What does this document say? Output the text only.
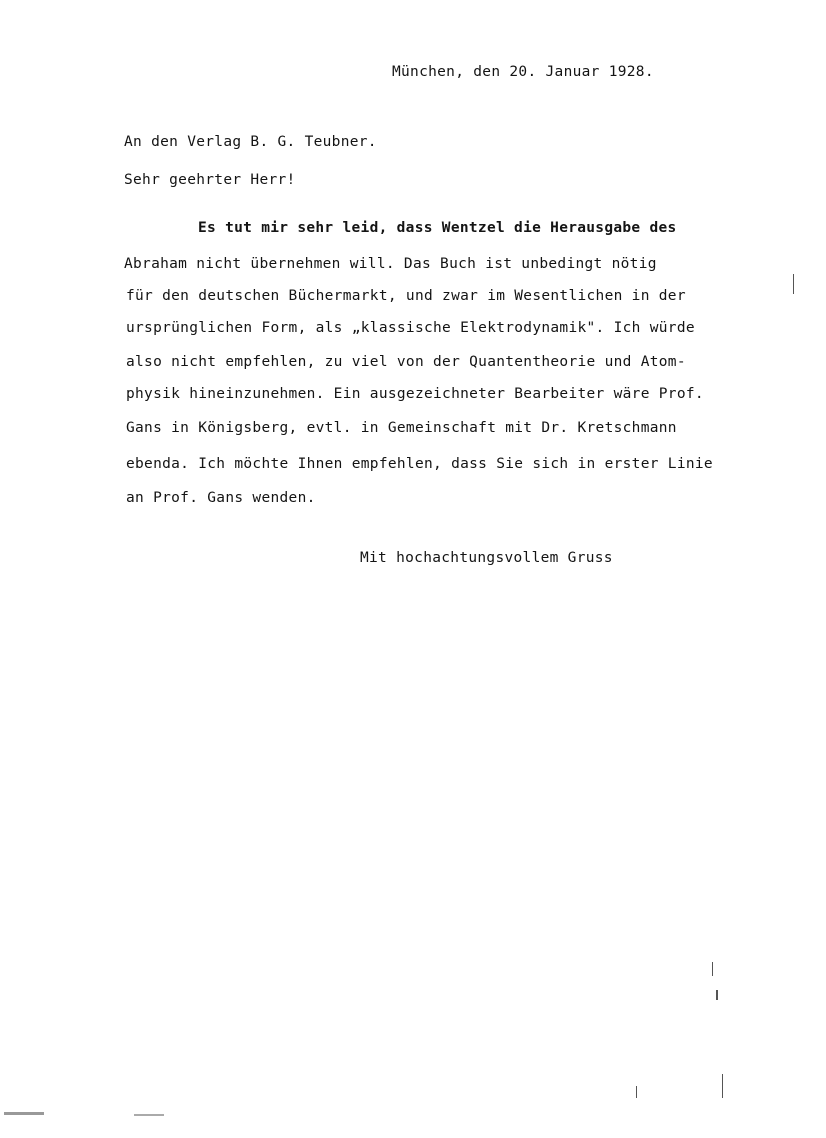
München, den 20. Januar 1928.
An den Verlag B. G. Teubner.
Sehr geehrter Herr!
Es tut mir sehr leid, dass Wentzel die Herausgabe des
Abraham nicht übernehmen will. Das Buch ist unbedingt nötig
für den deutschen Büchermarkt, und zwar im Wesentlichen in der
ursprünglichen Form, als „klassische Elektrodynamik". Ich würde
also nicht empfehlen, zu viel von der Quantentheorie und Atom-
physik hineinzunehmen. Ein ausgezeichneter Bearbeiter wäre Prof.
Gans in Königsberg, evtl. in Gemeinschaft mit Dr. Kretschmann
ebenda. Ich möchte Ihnen empfehlen, dass Sie sich in erster Linie
an Prof. Gans wenden.
Mit hochachtungsvollem Gruss
